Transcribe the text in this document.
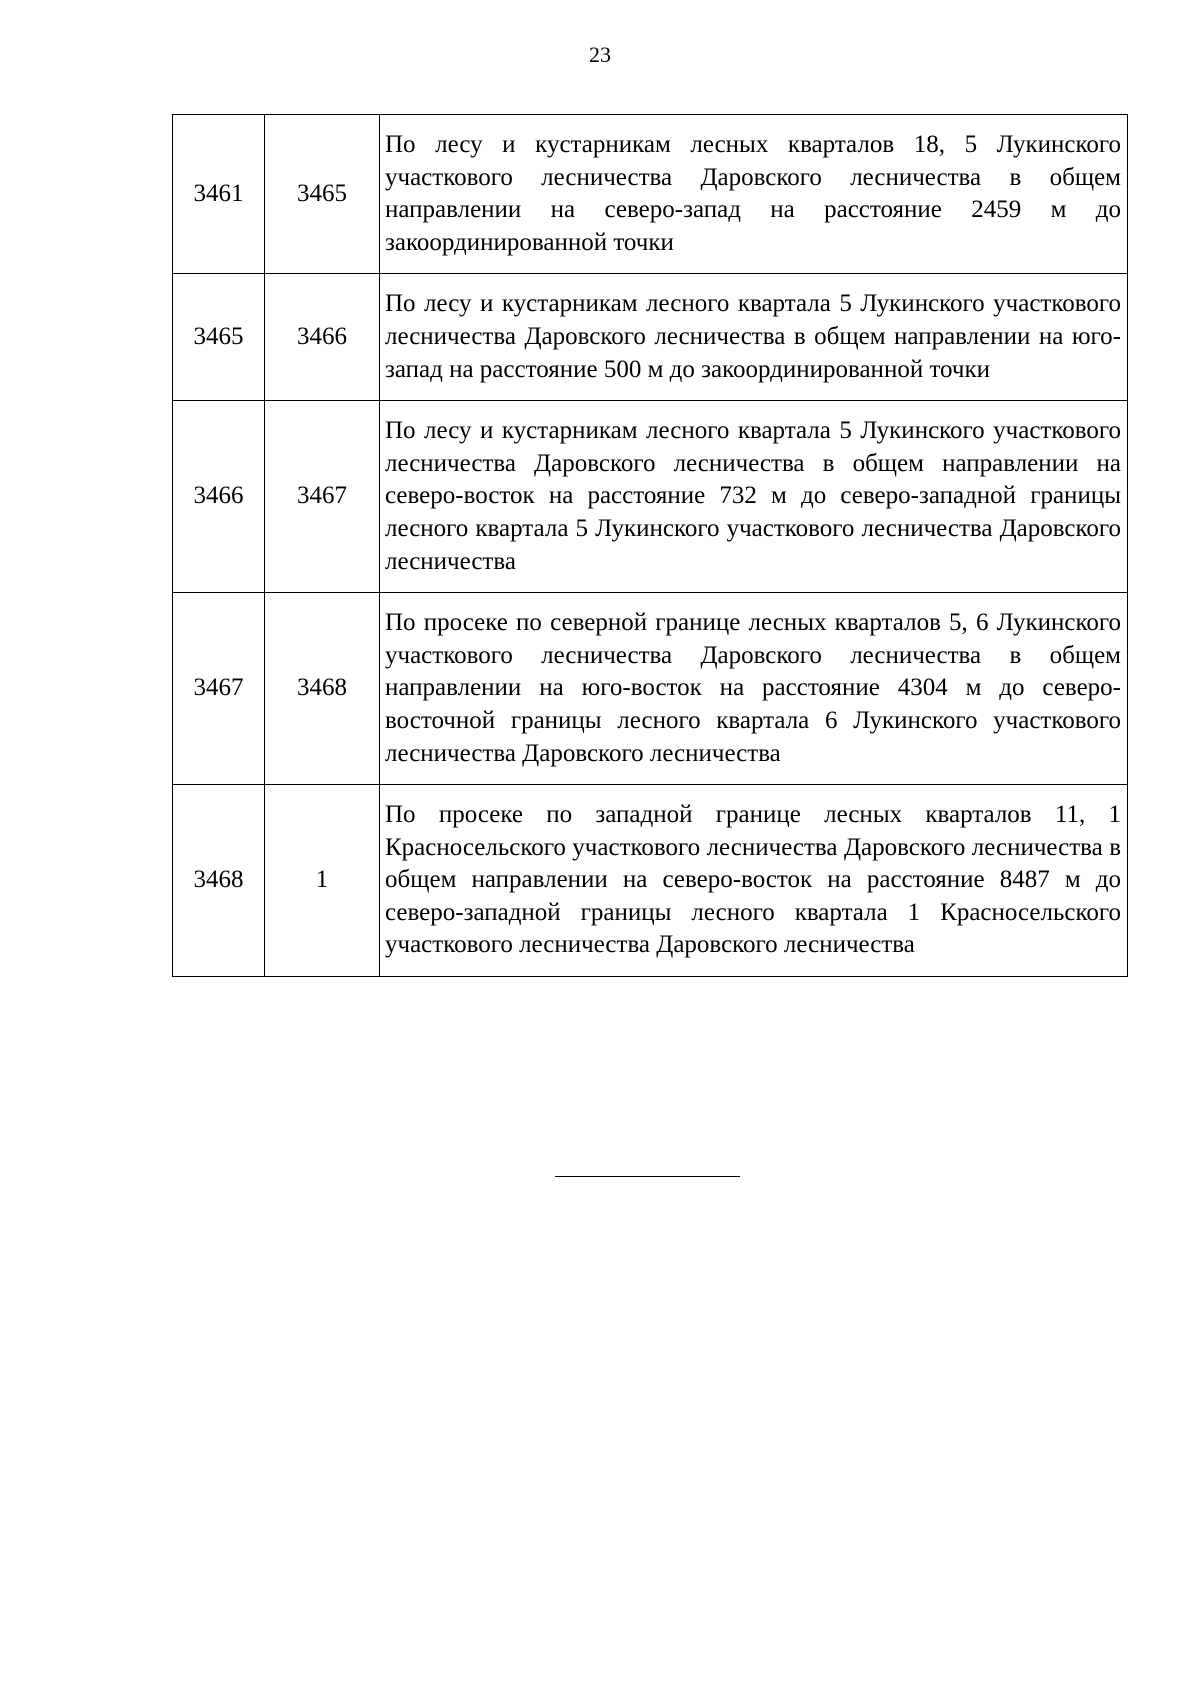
23
3461	3465	По лесу и кустарникам лесных кварталов 18, 5 Лукинского участкового лесничества Даровского лесничества в общем направлении на северо-запад на расстояние 2459 м до закоординированной точки
3465	3466	По лесу и кустарникам лесного квартала 5 Лукинского участкового лесничества Даровского лесничества в общем направлении на юго-запад на расстояние 500 м до закоординированной точки
3466	3467	По лесу и кустарникам лесного квартала 5 Лукинского участкового лесничества Даровского лесничества в общем направлении на северо-восток на расстояние 732 м до северо-западной границы лесного квартала 5 Лукинского участкового лесничества Даровского лесничества
3467	3468	По просеке по северной границе лесных кварталов 5, 6 Лукинского участкового лесничества Даровского лесничества в общем направлении на юго-восток на расстояние 4304 м до северо-восточной границы лесного квартала 6 Лукинского участкового лесничества Даровского лесничества
3468	1	По просеке по западной границе лесных кварталов 11, 1 Красносельского участкового лесничества Даровского лесничества в общем направлении на северо-восток на расстояние 8487 м до северо-западной границы лесного квартала 1 Красносельского участкового лесничества Даровского лесничества
